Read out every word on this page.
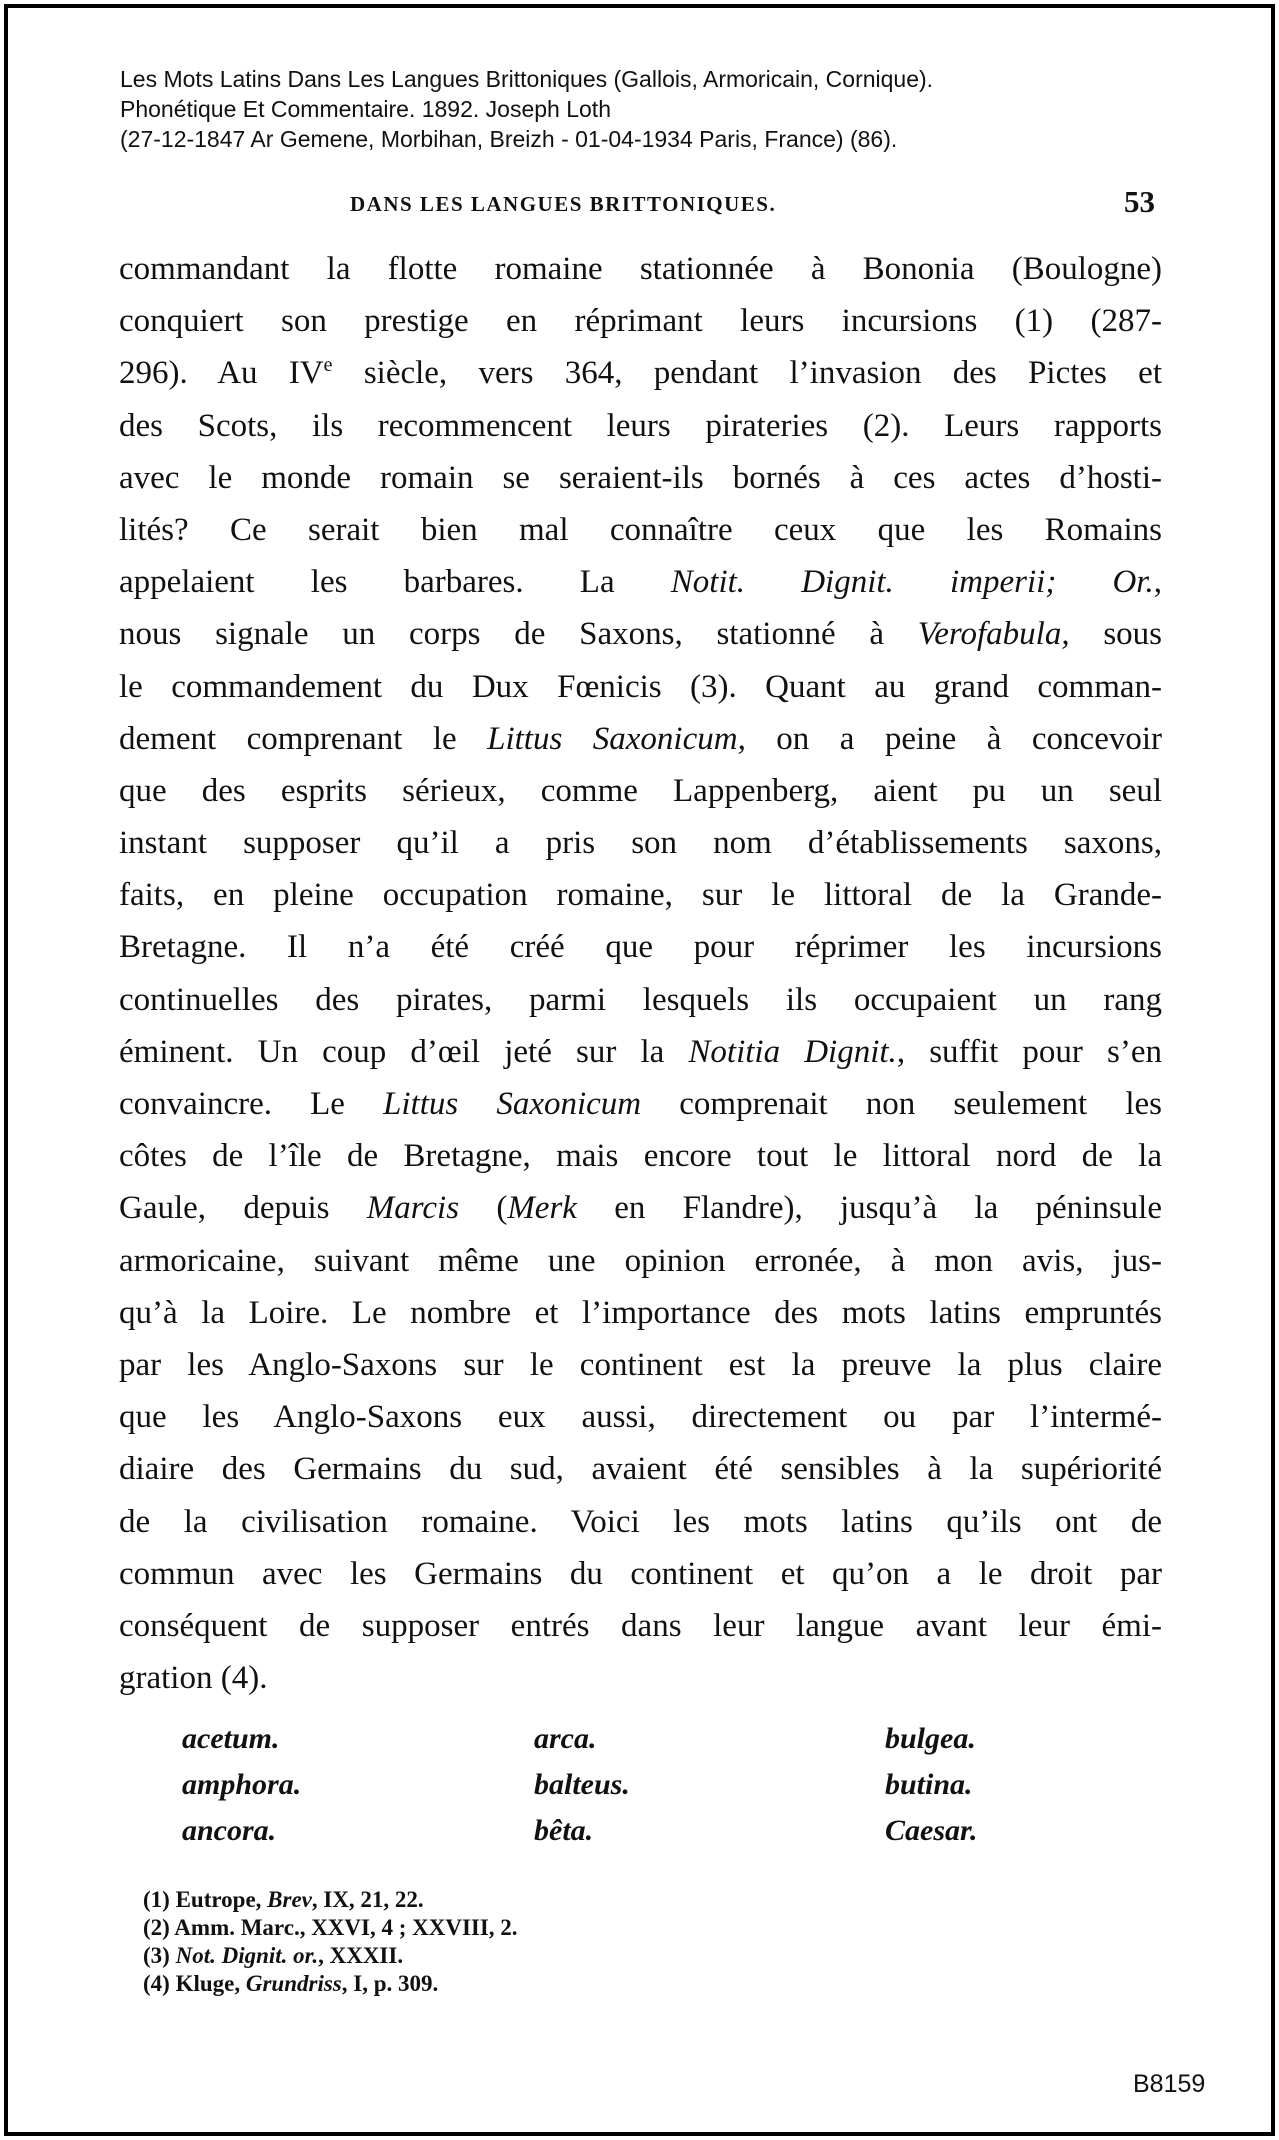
Les Mots Latins Dans Les Langues Brittoniques (Gallois, Armoricain, Cornique).
Phonétique Et Commentaire. 1892. Joseph Loth
(27-12-1847 Ar Gemene, Morbihan, Breizh - 01-04-1934 Paris, France) (86).
DANS LES LANGUES BRITTONIQUES.	53
commandant la flotte romaine stationnée à Bononia (Boulogne)
conquiert son prestige en réprimant leurs incursions (1) (287-
296). Au IVe siècle, vers 364, pendant l’invasion des Pictes et
des Scots, ils recommencent leurs pirateries (2). Leurs rapports
avec le monde romain se seraient-ils bornés à ces actes d’hosti-
lités? Ce serait bien mal connaître ceux que les Romains
appelaient les barbares. La Notit. Dignit. imperii; Or.,
nous signale un corps de Saxons, stationné à Verofabula, sous
le commandement du Dux Fœnicis (3). Quant au grand comman-
dement comprenant le Littus Saxonicum, on a peine à concevoir
que des esprits sérieux, comme Lappenberg, aient pu un seul
instant supposer qu’il a pris son nom d’établissements saxons,
faits, en pleine occupation romaine, sur le littoral de la Grande-
Bretagne. Il n’a été créé que pour réprimer les incursions
continuelles des pirates, parmi lesquels ils occupaient un rang
éminent. Un coup d’œil jeté sur la Notitia Dignit., suffit pour s’en
convaincre. Le Littus Saxonicum comprenait non seulement les
côtes de l’île de Bretagne, mais encore tout le littoral nord de la
Gaule, depuis Marcis (Merk en Flandre), jusqu’à la péninsule
armoricaine, suivant même une opinion erronée, à mon avis, jus-
qu’à la Loire. Le nombre et l’importance des mots latins empruntés
par les Anglo-Saxons sur le continent est la preuve la plus claire
que les Anglo-Saxons eux aussi, directement ou par l’intermé-
diaire des Germains du sud, avaient été sensibles à la supériorité
de la civilisation romaine. Voici les mots latins qu’ils ont de
commun avec les Germains du continent et qu’on a le droit par
conséquent de supposer entrés dans leur langue avant leur émi-
gration (4).
acetum.	arca.	bulgea.
amphora.	balteus.	butina.
ancora.	bêta.	Caesar.
(1) Eutrope, Brev, IX, 21, 22.
(2) Amm. Marc., XXVI, 4 ; XXVIII, 2.
(3) Not. Dignit. or., XXXII.
(4) Kluge, Grundriss, I, p. 309.
B8159
